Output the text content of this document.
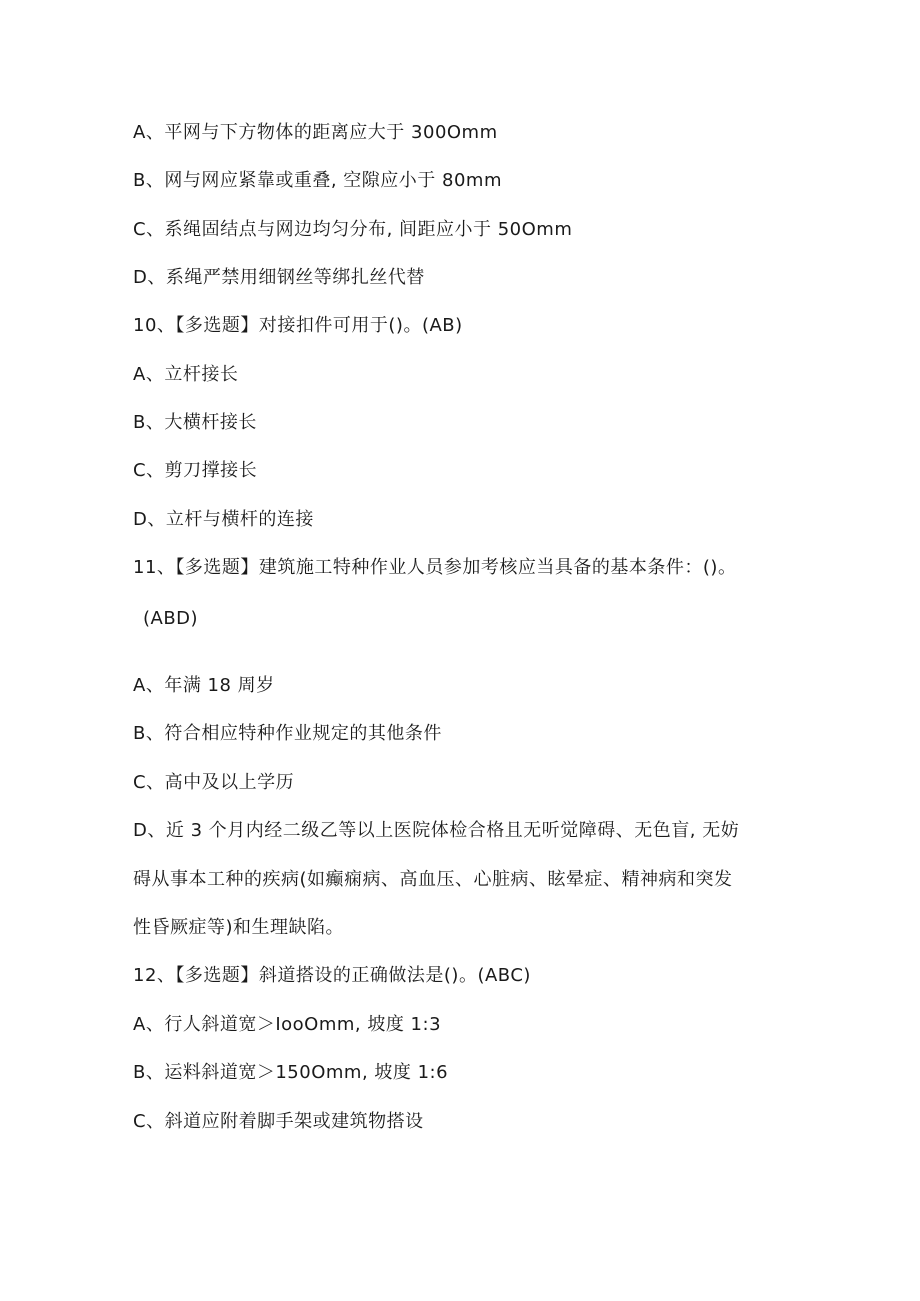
A、平网与下方物体的距离应大于 300Omm
B、网与网应紧靠或重叠, 空隙应小于 80mm
C、系绳固结点与网边均匀分布, 间距应小于 50Omm
D、系绳严禁用细钢丝等绑扎丝代替
10、【多选题】对接扣件可用于()。(AB)
A、立杆接长
B、大横杆接长
C、剪刀撑接长
D、立杆与横杆的连接
11、【多选题】建筑施工特种作业人员参加考核应当具备的基本条件：()。
(ABD)
A、年满 18 周岁
B、符合相应特种作业规定的其他条件
C、高中及以上学历
D、近 3 个月内经二级乙等以上医院体检合格且无听觉障碍、无色盲, 无妨
碍从事本工种的疾病(如癫痫病、高血压、心脏病、眩晕症、精神病和突发
性昏厥症等)和生理缺陷。
12、【多选题】斜道搭设的正确做法是()。(ABC)
A、行人斜道宽＞IooOmm, 坡度 1:3
B、运料斜道宽＞150Omm, 坡度 1:6
C、斜道应附着脚手架或建筑物搭设
